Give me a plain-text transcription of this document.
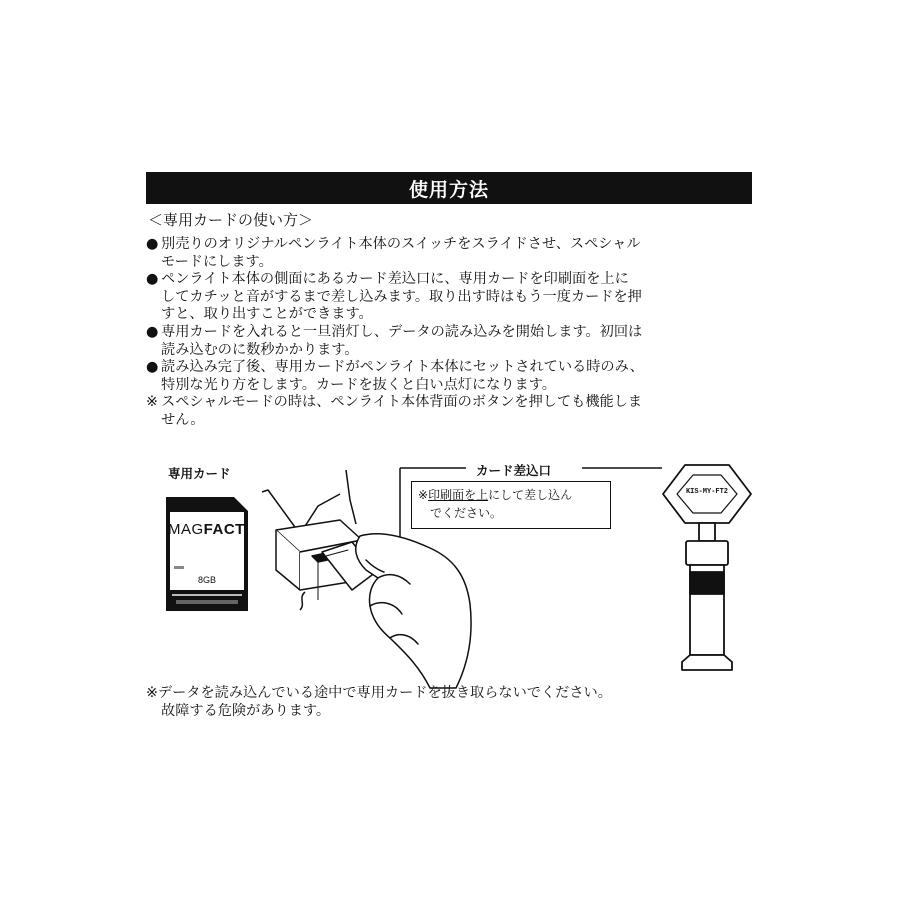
使用方法
＜専用カードの使い方＞
● 別売りのオリジナルペンライト本体のスイッチをスライドさせ、スペシャル
モードにします。
● ペンライト本体の側面にあるカード差込口に、専用カードを印刷面を上に
してカチッと音がするまで差し込みます。取り出す時はもう一度カードを押
すと、取り出すことができます。
● 専用カードを入れると一旦消灯し、データの読み込みを開始します。初回は
読み込むのに数秒かかります。
● 読み込み完了後、専用カードがペンライト本体にセットされている時のみ、
特別な光り方をします。カードを抜くと白い点灯になります。
※ スペシャルモードの時は、ペンライト本体背面のボタンを押しても機能しま
せん。
専用カード
MAGFACT
8GB
カード差込口
※印刷面を上にして差し込ん
でください。
KIS-MY-FT2
※データを読み込んでいる途中で専用カードを抜き取らないでください。
故障する危険があります。
